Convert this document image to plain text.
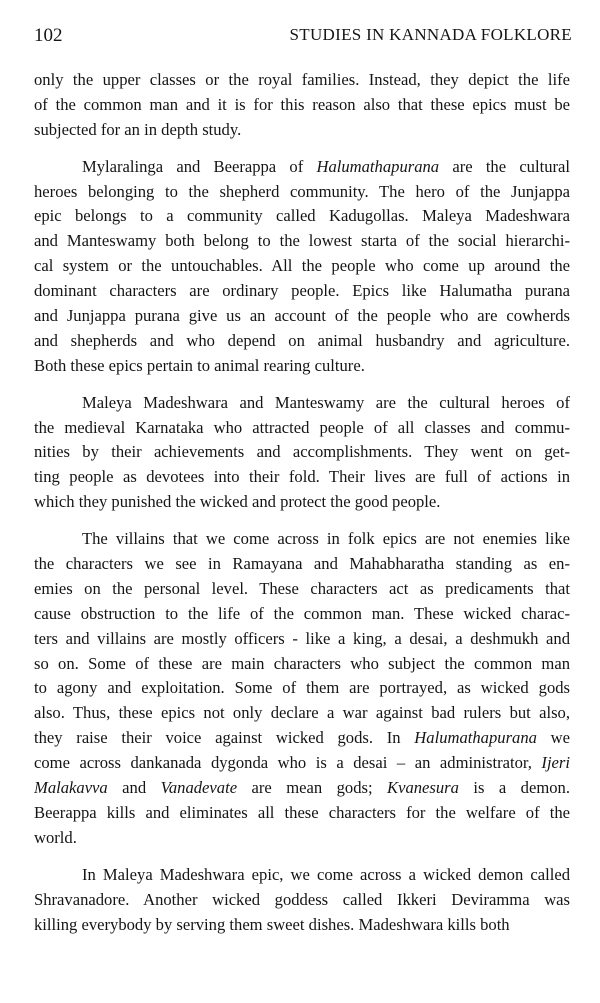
102	STUDIES IN KANNADA FOLKLORE
only the upper classes or the royal families. Instead, they depict the life
of the common man and it is for this reason also that these epics must be
subjected for an in depth study.
Mylaralinga and Beerappa of Halumathapurana are the cultural
heroes belonging to the shepherd community. The hero of the Junjappa
epic belongs to a community called Kadugollas. Maleya Madeshwara
and Manteswamy both belong to the lowest starta of the social hierarchi-
cal system or the untouchables. All the people who come up around the
dominant characters are ordinary people. Epics like Halumatha purana
and Junjappa purana give us an account of the people who are cowherds
and shepherds and who depend on animal husbandry and agriculture.
Both these epics pertain to animal rearing culture.
Maleya Madeshwara and Manteswamy are the cultural heroes of
the medieval Karnataka who attracted people of all classes and commu-
nities by their achievements and accomplishments. They went on get-
ting people as devotees into their fold. Their lives are full of actions in
which they punished the wicked and protect the good people.
The villains that we come across in folk epics are not enemies like
the characters we see in Ramayana and Mahabharatha standing as en-
emies on the personal level. These characters act as predicaments that
cause obstruction to the life of the common man. These wicked charac-
ters and villains are mostly officers - like a king, a desai, a deshmukh and
so on. Some of these are main characters who subject the common man
to agony and exploitation. Some of them are portrayed, as wicked gods
also. Thus, these epics not only declare a war against bad rulers but also,
they raise their voice against wicked gods. In Halumathapurana we
come across dankanada dygonda who is a desai – an administrator, Ijeri
Malakavva and Vanadevate are mean gods; Kvanesura is a demon.
Beerappa kills and eliminates all these characters for the welfare of the
world.
In Maleya Madeshwara epic, we come across a wicked demon called
Shravanadore. Another wicked goddess called Ikkeri Deviramma was
killing everybody by serving them sweet dishes. Madeshwara kills both
